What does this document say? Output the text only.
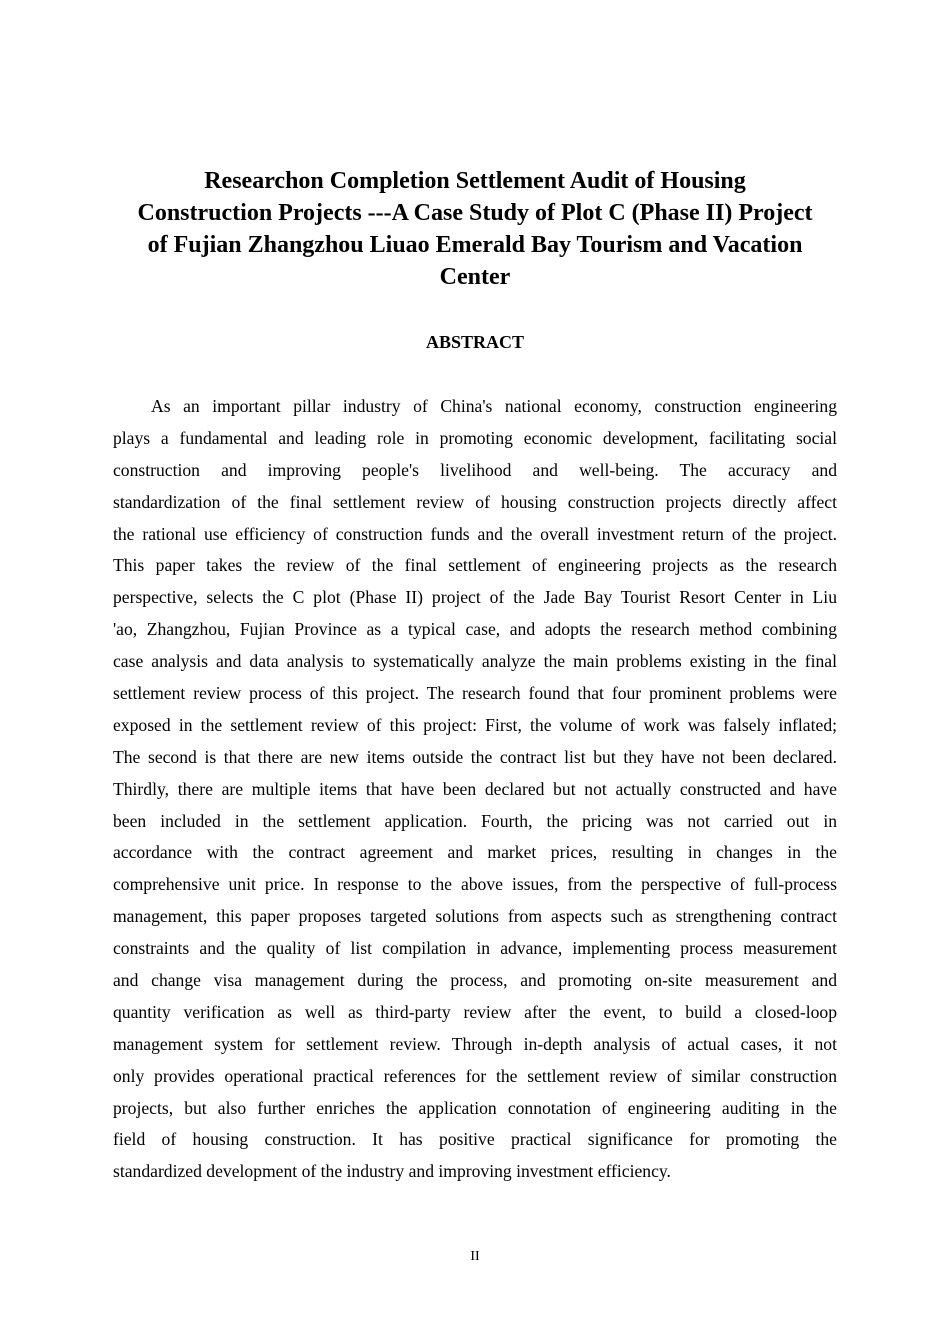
Researchon Completion Settlement Audit of Housing
Construction Projects ---A Case Study of Plot C (Phase II) Project
of Fujian Zhangzhou Liuao Emerald Bay Tourism and Vacation
Center
ABSTRACT
As an important pillar industry of China's national economy, construction engineering
plays a fundamental and leading role in promoting economic development, facilitating social
construction and improving people's livelihood and well-being. The accuracy and
standardization of the final settlement review of housing construction projects directly affect
the rational use efficiency of construction funds and the overall investment return of the project.
This paper takes the review of the final settlement of engineering projects as the research
perspective, selects the C plot (Phase II) project of the Jade Bay Tourist Resort Center in Liu
'ao, Zhangzhou, Fujian Province as a typical case, and adopts the research method combining
case analysis and data analysis to systematically analyze the main problems existing in the final
settlement review process of this project. The research found that four prominent problems were
exposed in the settlement review of this project: First, the volume of work was falsely inflated;
The second is that there are new items outside the contract list but they have not been declared.
Thirdly, there are multiple items that have been declared but not actually constructed and have
been included in the settlement application. Fourth, the pricing was not carried out in
accordance with the contract agreement and market prices, resulting in changes in the
comprehensive unit price. In response to the above issues, from the perspective of full-process
management, this paper proposes targeted solutions from aspects such as strengthening contract
constraints and the quality of list compilation in advance, implementing process measurement
and change visa management during the process, and promoting on-site measurement and
quantity verification as well as third-party review after the event, to build a closed-loop
management system for settlement review. Through in-depth analysis of actual cases, it not
only provides operational practical references for the settlement review of similar construction
projects, but also further enriches the application connotation of engineering auditing in the
field of housing construction. It has positive practical significance for promoting the
standardized development of the industry and improving investment efficiency.
II
